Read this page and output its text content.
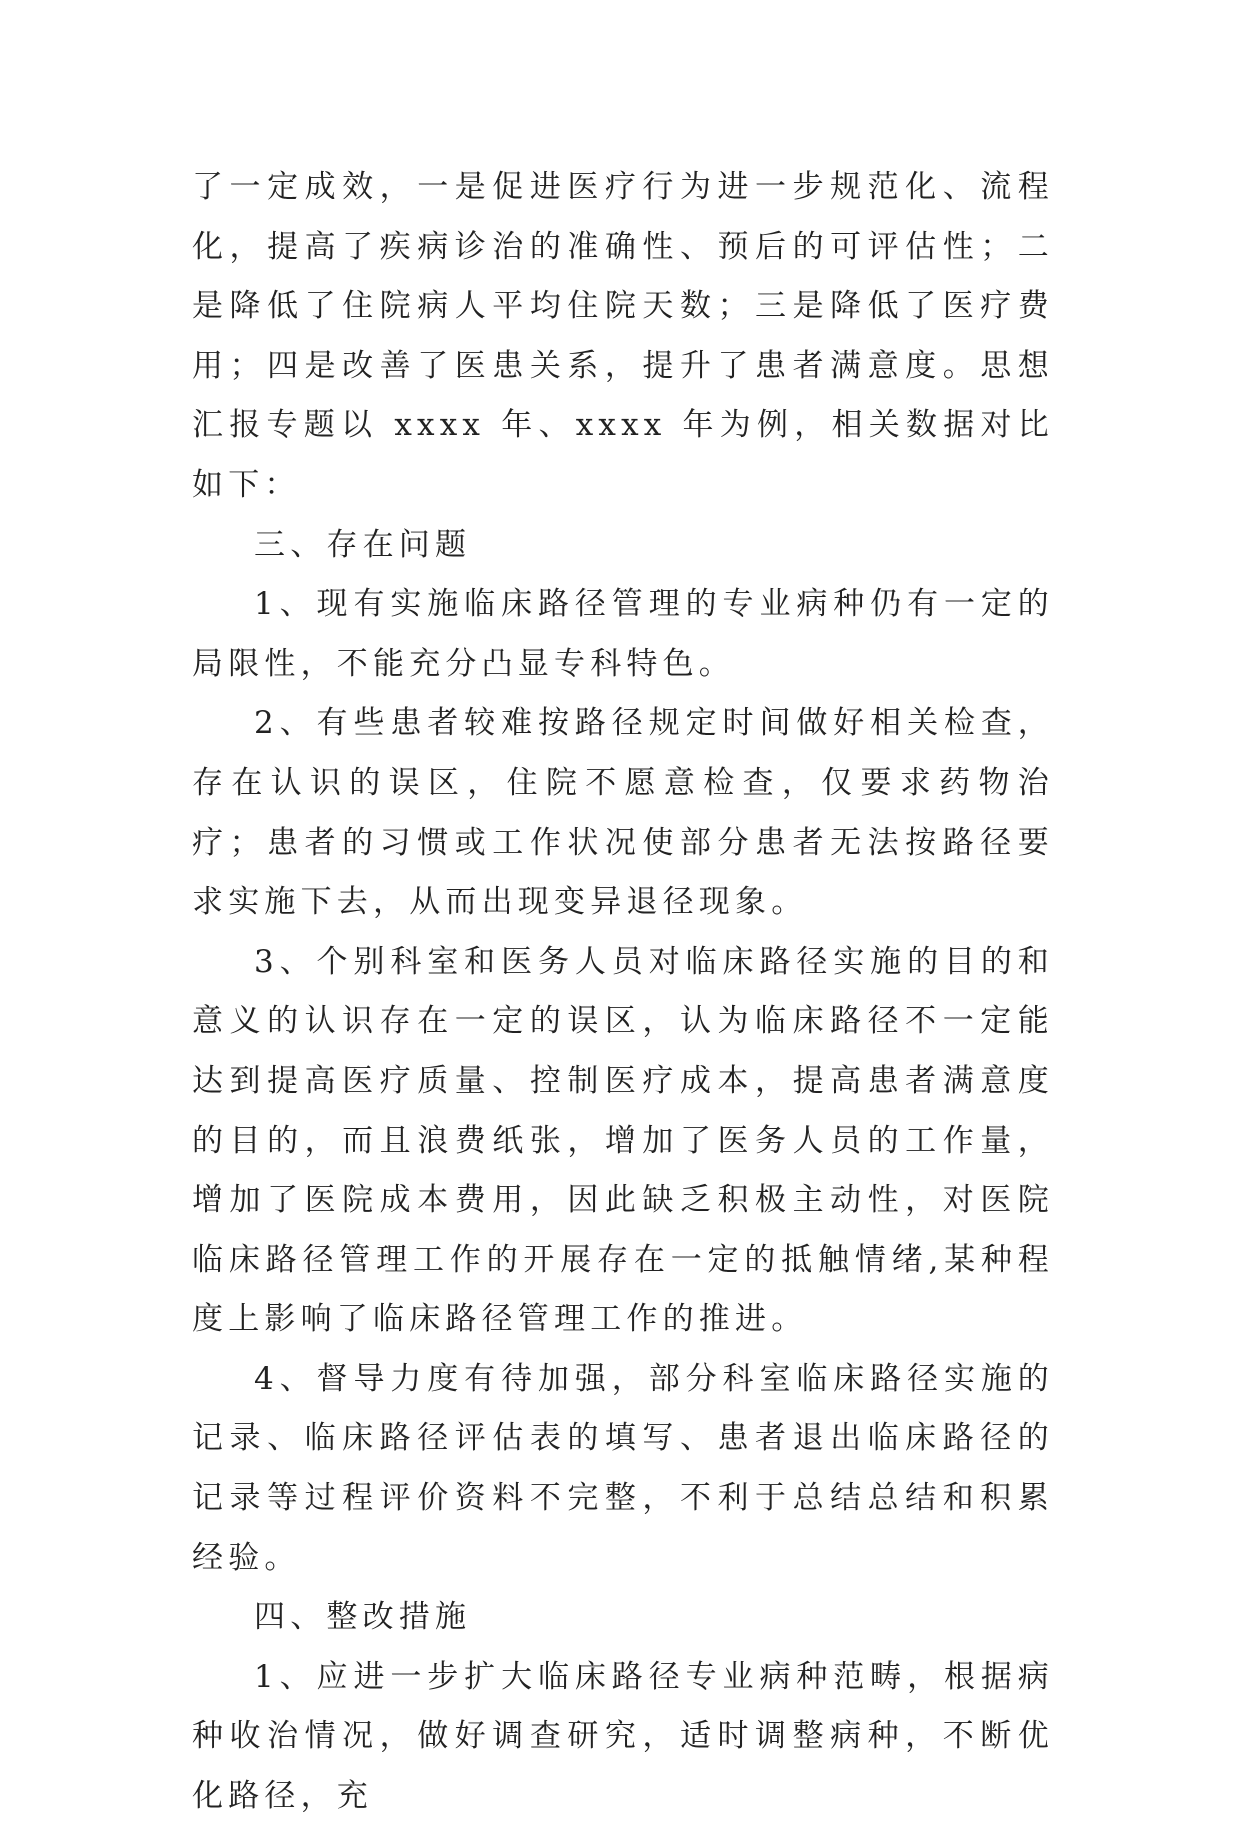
了一定成效，一是促进医疗行为进一步规范化、流程化，提高了疾病诊治的准确性、预后的可评估性；二是降低了住院病人平均住院天数；三是降低了医疗费用；四是改善了医患关系，提升了患者满意度。思想汇报专题以 xxxx 年、xxxx 年为例，相关数据对比如下：

三、存在问题

1、现有实施临床路径管理的专业病种仍有一定的局限性，不能充分凸显专科特色。

2、有些患者较难按路径规定时间做好相关检查，存在认识的误区，住院不愿意检查，仅要求药物治疗；患者的习惯或工作状况使部分患者无法按路径要求实施下去，从而出现变异退径现象。

3、个别科室和医务人员对临床路径实施的目的和意义的认识存在一定的误区，认为临床路径不一定能达到提高医疗质量、控制医疗成本，提高患者满意度的目的，而且浪费纸张，增加了医务人员的工作量，增加了医院成本费用，因此缺乏积极主动性，对医院临床路径管理工作的开展存在一定的抵触情绪,某种程度上影响了临床路径管理工作的推进。

4、督导力度有待加强，部分科室临床路径实施的记录、临床路径评估表的填写、患者退出临床路径的记录等过程评价资料不完整，不利于总结总结和积累经验。

四、整改措施

1、应进一步扩大临床路径专业病种范畴，根据病种收治情况，做好调查研究，适时调整病种，不断优化路径，充
